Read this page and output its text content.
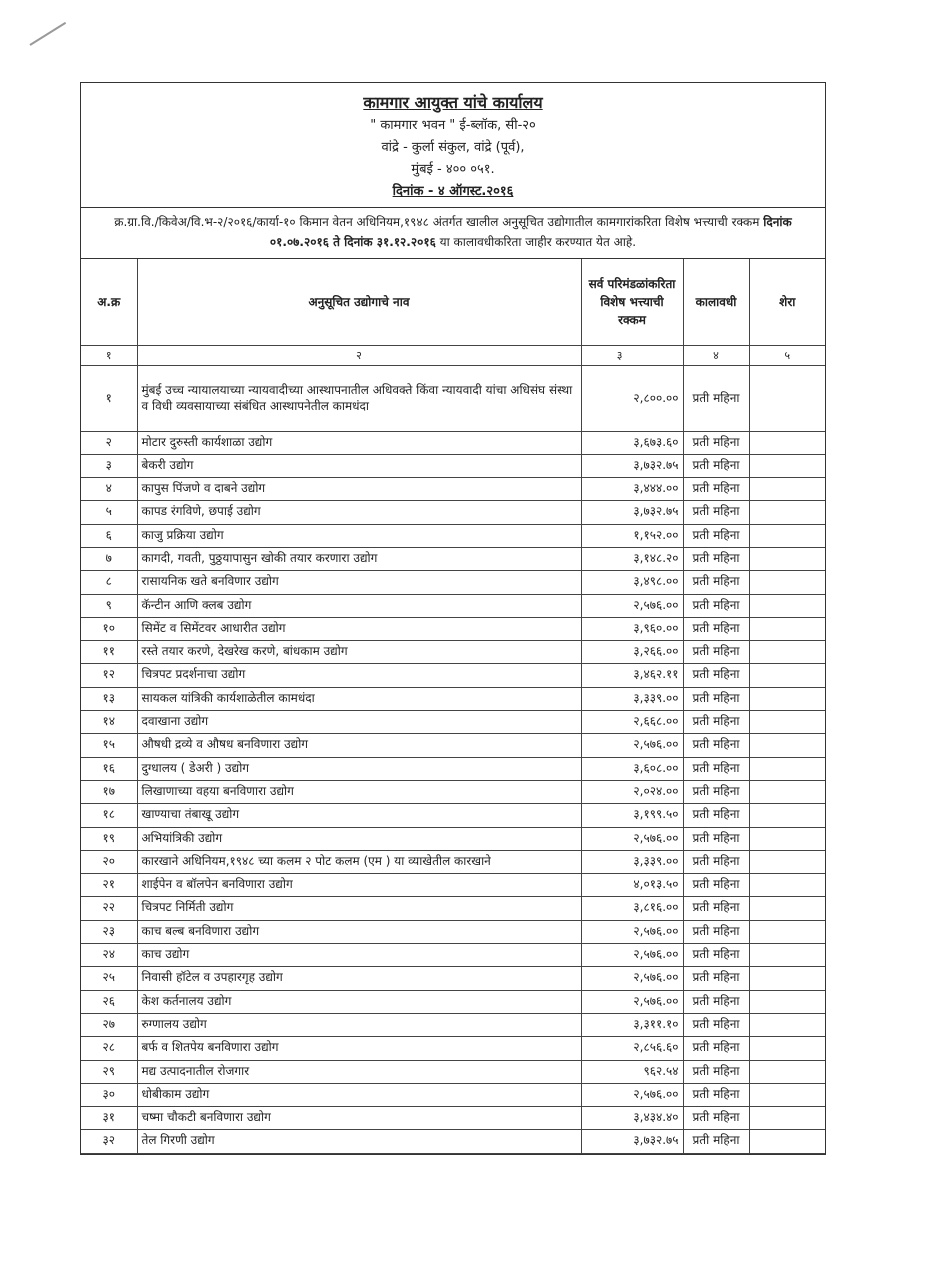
कामगार आयुक्त यांचे कार्यालय
" कामगार भवन " ई-ब्लॉक, सी-२०
वांद्रे - कुर्ला संकुल, वांद्रे (पूर्व),
मुंबई - ४०० ०५१.
दिनांक - ४ ऑगस्ट.२०१६
क्र.ग्रा.वि./किवेअ/वि.भ-२/२०१६/कार्या-१० किमान वेतन अधिनियम,१९४८ अंतर्गत खालील अनुसूचित उद्योगातील कामगारांकरिता विशेष भत्त्याची रक्कम दिनांक ०१.०७.२०१६ ते दिनांक ३१.१२.२०१६ या कालावधीकरिता जाहीर करण्यात येत आहे.
अ.क्र	अनुसूचित उद्योगाचे नाव	सर्व परिमंडळांकरिता विशेष भत्त्याची रक्कम	कालावधी	शेरा
१	२	३	४	५
१	मुंबई उच्च न्यायालयाच्या न्यायवादीच्या आस्थापनातील अधिवक्ते किंवा न्यायवादी यांचा अधिसंघ संस्था व विधी व्यवसायाच्या संबंधित आस्थापनेतील कामधंदा	२,८००.००	प्रती महिना	
२	मोटार दुरुस्ती कार्यशाळा उद्योग	३,६७३.६०	प्रती महिना	
३	बेकरी उद्योग	३,७३२.७५	प्रती महिना	
४	कापुस पिंजणे व दाबने उद्योग	३,४४४.००	प्रती महिना	
५	कापड रंगविणे, छपाई उद्योग	३,७३२.७५	प्रती महिना	
६	काजु प्रक्रिया उद्योग	१,१५२.००	प्रती महिना	
७	कागदी, गवती, पुठ्ठयापासुन खोकी तयार करणारा उद्योग	३,१४८.२०	प्रती महिना	
८	रासायनिक खते बनविणार उद्योग	३,४९८.००	प्रती महिना	
९	कॅन्टीन आणि क्लब उद्योग	२,५७६.००	प्रती महिना	
१०	सिमेंट व सिमेंटवर आधारीत उद्योग	३,९६०.००	प्रती महिना	
११	रस्ते तयार करणे, देखरेख करणे, बांधकाम उद्योग	३,२६६.००	प्रती महिना	
१२	चित्रपट प्रदर्शनाचा उद्योग	३,४६२.११	प्रती महिना	
१३	सायकल यांत्रिकी कार्यशाळेतील कामधंदा	३,३३९.००	प्रती महिना	
१४	दवाखाना उद्योग	२,६६८.००	प्रती महिना	
१५	औषधी द्रव्ये व औषध बनविणारा उद्योग	२,५७६.००	प्रती महिना	
१६	दुग्धालय ( डेअरी ) उद्योग	३,६०८.००	प्रती महिना	
१७	लिखाणाच्या वहया बनविणारा उद्योग	२,०२४.००	प्रती महिना	
१८	खाण्याचा तंबाखू उद्योग	३,१९९.५०	प्रती महिना	
१९	अभियांत्रिकी उद्योग	२,५७६.००	प्रती महिना	
२०	कारखाने अधिनियम,१९४८ च्या कलम २ पोट कलम (एम ) या व्याखेतील कारखाने	३,३३९.००	प्रती महिना	
२१	शाईपेन व बॉलपेन बनविणारा उद्योग	४,०१३.५०	प्रती महिना	
२२	चित्रपट निर्मिती उद्योग	३,८१६.००	प्रती महिना	
२३	काच बल्ब बनविणारा उद्योग	२,५७६.००	प्रती महिना	
२४	काच उद्योग	२,५७६.००	प्रती महिना	
२५	निवासी हॉटेल व उपहारगृह उद्योग	२,५७६.००	प्रती महिना	
२६	केश कर्तनालय उद्योग	२,५७६.००	प्रती महिना	
२७	रुग्णालय उद्योग	३,३११.१०	प्रती महिना	
२८	बर्फ व शितपेय बनविणारा उद्योग	२,८५६.६०	प्रती महिना	
२९	मद्य उत्पादनातील रोजगार	९६२.५४	प्रती महिना	
३०	धोबीकाम उद्योग	२,५७६.००	प्रती महिना	
३१	चष्मा चौकटी बनविणारा उद्योग	३,४३४.४०	प्रती महिना	
३२	तेल गिरणी उद्योग	३,७३२.७५	प्रती महिना	
